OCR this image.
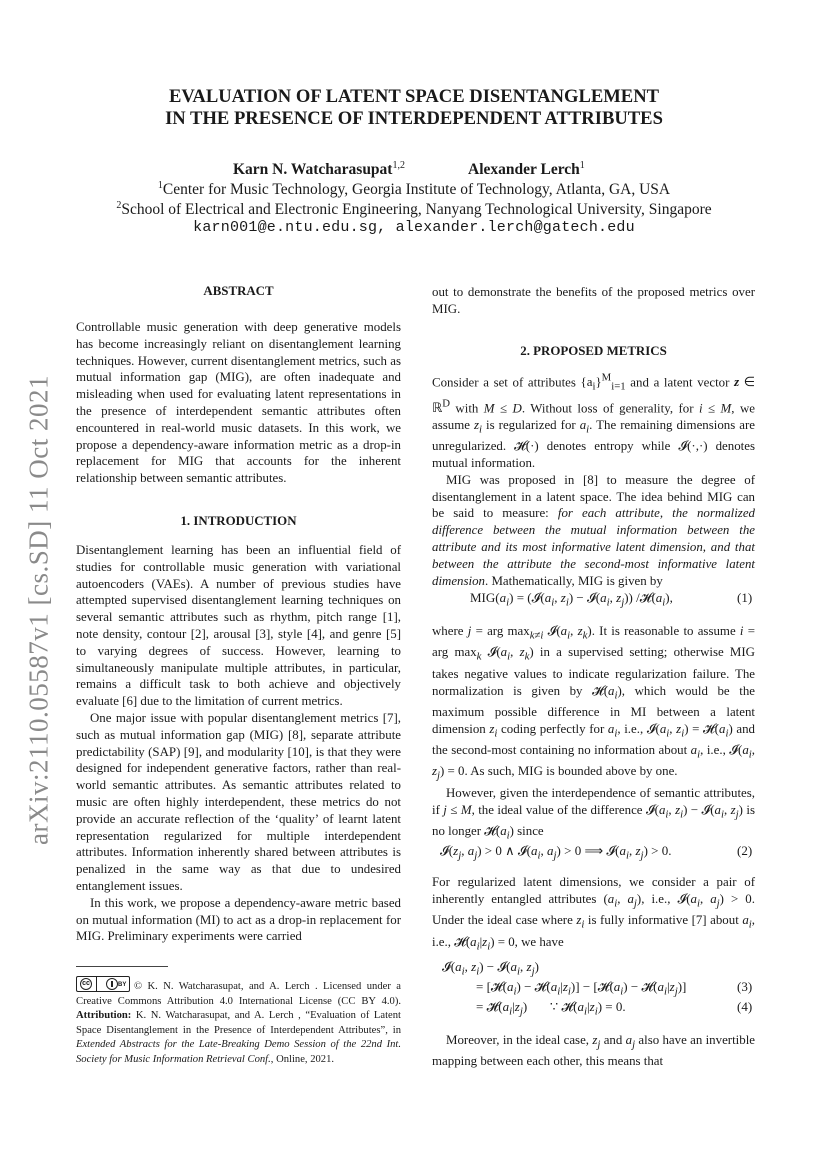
EVALUATION OF LATENT SPACE DISENTANGLEMENT
IN THE PRESENCE OF INTERDEPENDENT ATTRIBUTES
Karn N. Watcharasupat$^{1,2}$	Alexander Lerch$^1$
$^1$Center for Music Technology, Georgia Institute of Technology, Atlanta, GA, USA
$^2$School of Electrical and Electronic Engineering, Nanyang Technological University, Singapore
karn001@e.ntu.edu.sg, alexander.lerch@gatech.edu
arXiv:2110.05587v1 [cs.SD] 11 Oct 2021
ABSTRACT

Controllable music generation with deep generative models has become increasingly reliant on disentanglement learning techniques. However, current disentanglement metrics, such as mutual information gap (MIG), are often inadequate and misleading when used for evaluating latent representations in the presence of interdependent semantic attributes often encountered in real-world music datasets. In this work, we propose a dependency-aware information metric as a drop-in replacement for MIG that accounts for the inherent relationship between semantic attributes.

1. INTRODUCTION

Disentanglement learning has been an influential field of studies for controllable music generation with variational autoencoders (VAEs). A number of previous studies have attempted supervised disentanglement learning techniques on several semantic attributes such as rhythm, pitch range [1], note density, contour [2], arousal [3], style [4], and genre [5] to varying degrees of success. However, learning to simultaneously manipulate multiple attributes, in particular, remains a difficult task to both achieve and objectively evaluate [6] due to the limitation of current metrics.

One major issue with popular disentanglement metrics [7], such as mutual information gap (MIG) [8], separate attribute predictability (SAP) [9], and modularity [10], is that they were designed for independent generative factors, rather than real-world semantic attributes. As semantic attributes related to music are often highly interdependent, these metrics do not provide an accurate reflection of the ‘quality’ of learnt latent representation regularized for multiple interdependent attributes. Information inherently shared between attributes is penalized in the same way as that due to undesired entanglement issues.

In this work, we propose a dependency-aware metric based on mutual information (MI) to act as a drop-in replacement for MIG. Preliminary experiments were carried

cc	BY © K. N. Watcharasupat, and A. Lerch . Licensed under a Creative Commons Attribution 4.0 International License (CC BY 4.0). Attribution: K. N. Watcharasupat, and A. Lerch , “Evaluation of Latent Space Disentanglement in the Presence of Interdependent Attributes”, in Extended Abstracts for the Late-Breaking Demo Session of the 22nd Int. Society for Music Information Retrieval Conf., Online, 2021.

out to demonstrate the benefits of the proposed metrics over MIG.

2. PROPOSED METRICS

Consider a set of attributes $\{a_i\}^M_{i=1}$ and a latent vector z ∈ ℝ$^D$ with M ≤ D. Without loss of generality, for i ≤ M, we assume $z_i$ is regularized for $a_i$. The remaining dimensions are unregularized. 𝓗(·) denotes entropy while 𝓘(·,·) denotes mutual information.

MIG was proposed in [8] to measure the degree of disentanglement in a latent space. The idea behind MIG can be said to measure: for each attribute, the normalized difference between the mutual information between the attribute and its most informative latent dimension, and that between the attribute the second-most informative latent dimension. Mathematically, MIG is given by

$MIG(a_i)$ = ($𝓘(a_i$, $z_i$) − $𝓘(a_i$, $z_j$)) $/𝓗(a_i)$,	(1)

where j = arg $\max_{k\ne i}$ $𝓘(a_i$, $z_k$). It is reasonable to assume i = arg $\max_k$ $𝓘(a_i$, $z_k$) in a supervised setting; otherwise MIG takes negative values to indicate regularization failure. The normalization is given by $𝓗(a_i)$, which would be the maximum possible difference in MI between a latent dimension $z_i$ coding perfectly for $a_i$, i.e., $𝓘(a_i$, $z_i$) = $𝓗(a_i)$ and the second-most containing no information about $a_i$, i.e., $𝓘(a_i$, $z_j) = 0$. As such, MIG is bounded above by one.

However, given the interdependence of semantic attributes, if j ≤ M, the ideal value of the difference $𝓘(a_i$, $z_i$) − $𝓘(a_i$, $z_j$) is no longer $𝓗(a_i)$ since

$𝓘(z_j$, $a_j) > 0$ ∧ $𝓘(a_i$, $a_j) > 0$ ⟹ $𝓘(a_i$, $z_j) > 0$.	(2)

For regularized latent dimensions, we consider a pair of inherently entangled attributes ($a_i$, $a_j$), i.e., $𝓘(a_i$, $a_j) > 0$. Under the ideal case where $z_i$ is fully informative [7] about $a_i$, i.e., $𝓗(a_i|z_i) = 0$, we have

$𝓘(a_i$, $z_i$) − $𝓘(a_i$, $z_j$)
= [$𝓗(a_i)$ − $𝓗(a_i|z_i)$] − [$𝓗(a_i)$ − $𝓗(a_i|z_j)$]	(3)
= $𝓗(a_i|z_j)$       ∵ $𝓗(a_i|z_i) = 0$.	(4)

Moreover, in the ideal case, $z_j$ and $a_j$ also have an invertible mapping between each other, this means that
